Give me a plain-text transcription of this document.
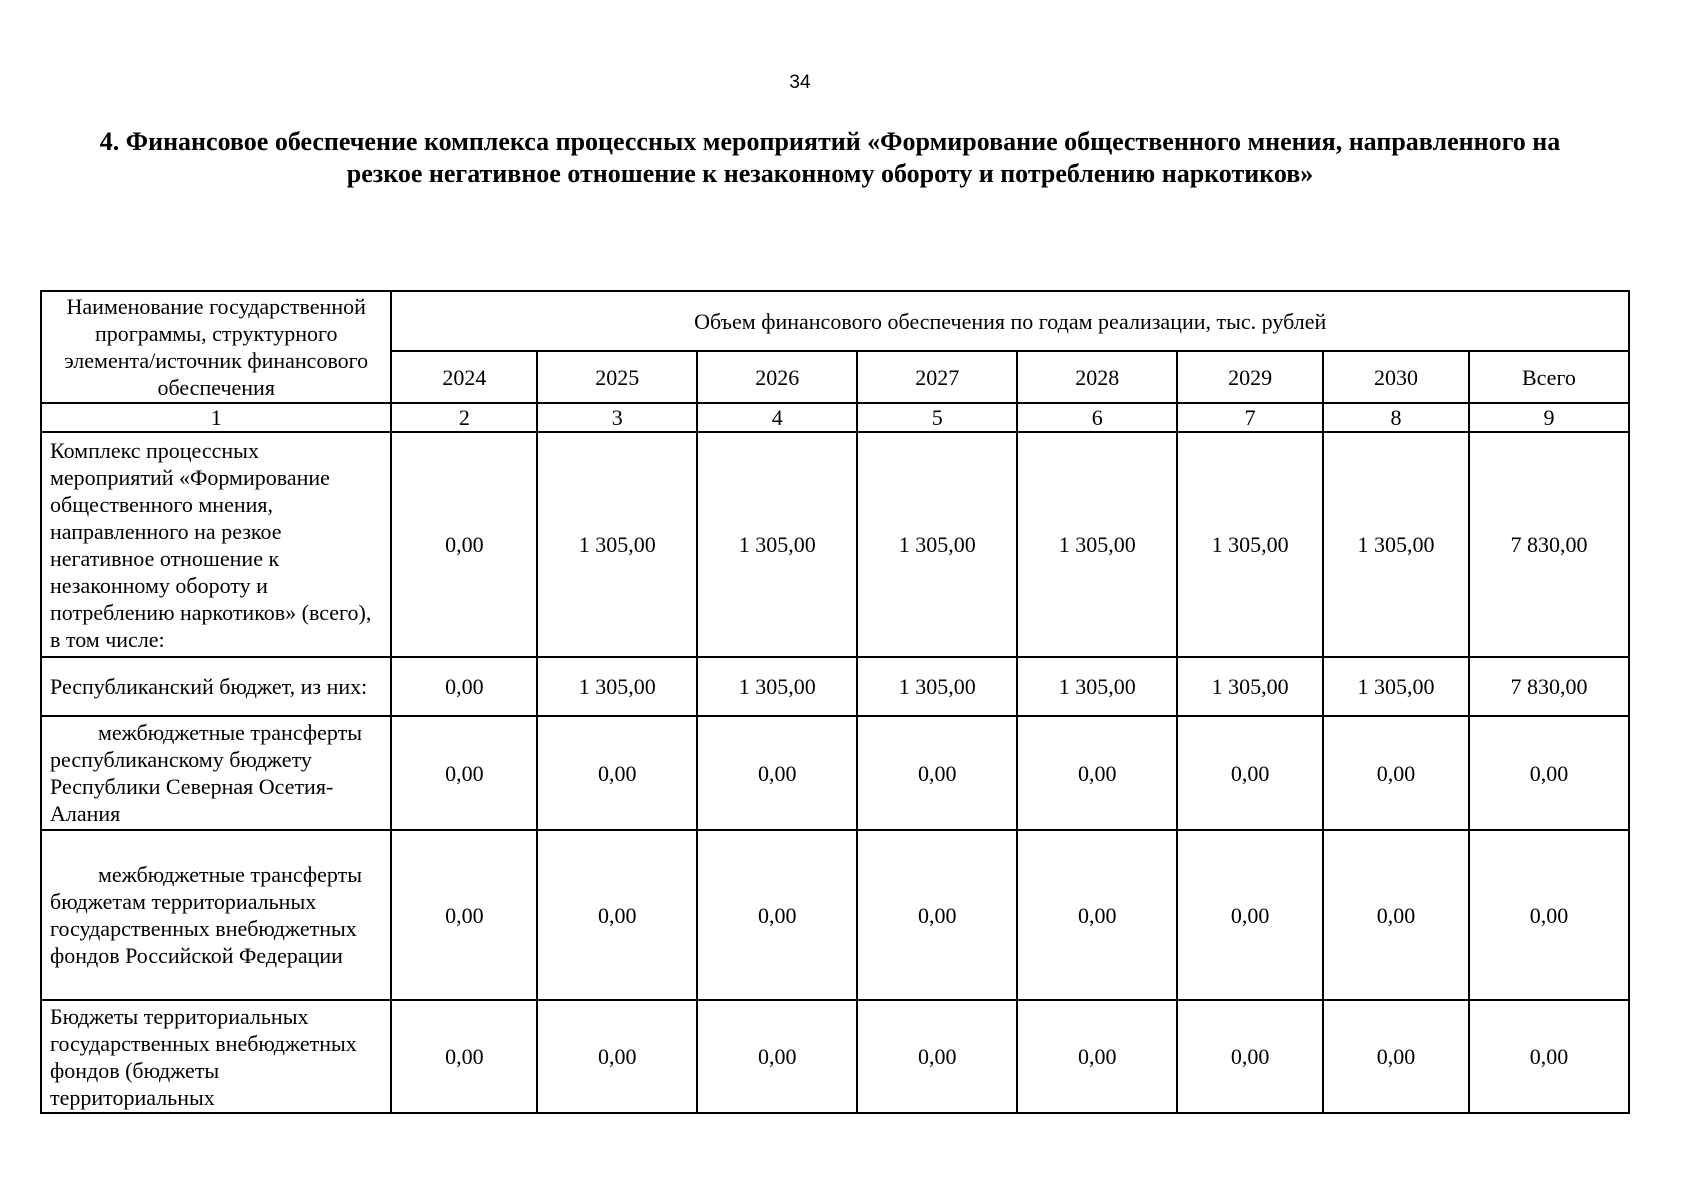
34
4. Финансовое обеспечение комплекса процессных мероприятий «Формирование общественного мнения, направленного на
резкое негативное отношение к незаконному обороту и потреблению наркотиков»
Наименование государственной программы, структурного элемента/источник финансового обеспечения	Объем финансового обеспечения по годам реализации, тыс. рублей							
	2024	2025	2026	2027	2028	2029	2030	Всего
1	2	3	4	5	6	7	8	9
Комплекс процессных мероприятий «Формирование общественного мнения, направленного на резкое негативное отношение к незаконному обороту и потреблению наркотиков» (всего), в том числе:	0,00	1 305,00	1 305,00	1 305,00	1 305,00	1 305,00	1 305,00	7 830,00
Республиканский бюджет, из них:	0,00	1 305,00	1 305,00	1 305,00	1 305,00	1 305,00	1 305,00	7 830,00
межбюджетные трансферты республиканскому бюджету Республики Северная Осетия-Алания	0,00	0,00	0,00	0,00	0,00	0,00	0,00	0,00
межбюджетные трансферты бюджетам территориальных государственных внебюджетных фондов Российской Федерации	0,00	0,00	0,00	0,00	0,00	0,00	0,00	0,00
Бюджеты территориальных государственных внебюджетных фондов (бюджеты территориальных	0,00	0,00	0,00	0,00	0,00	0,00	0,00	0,00
